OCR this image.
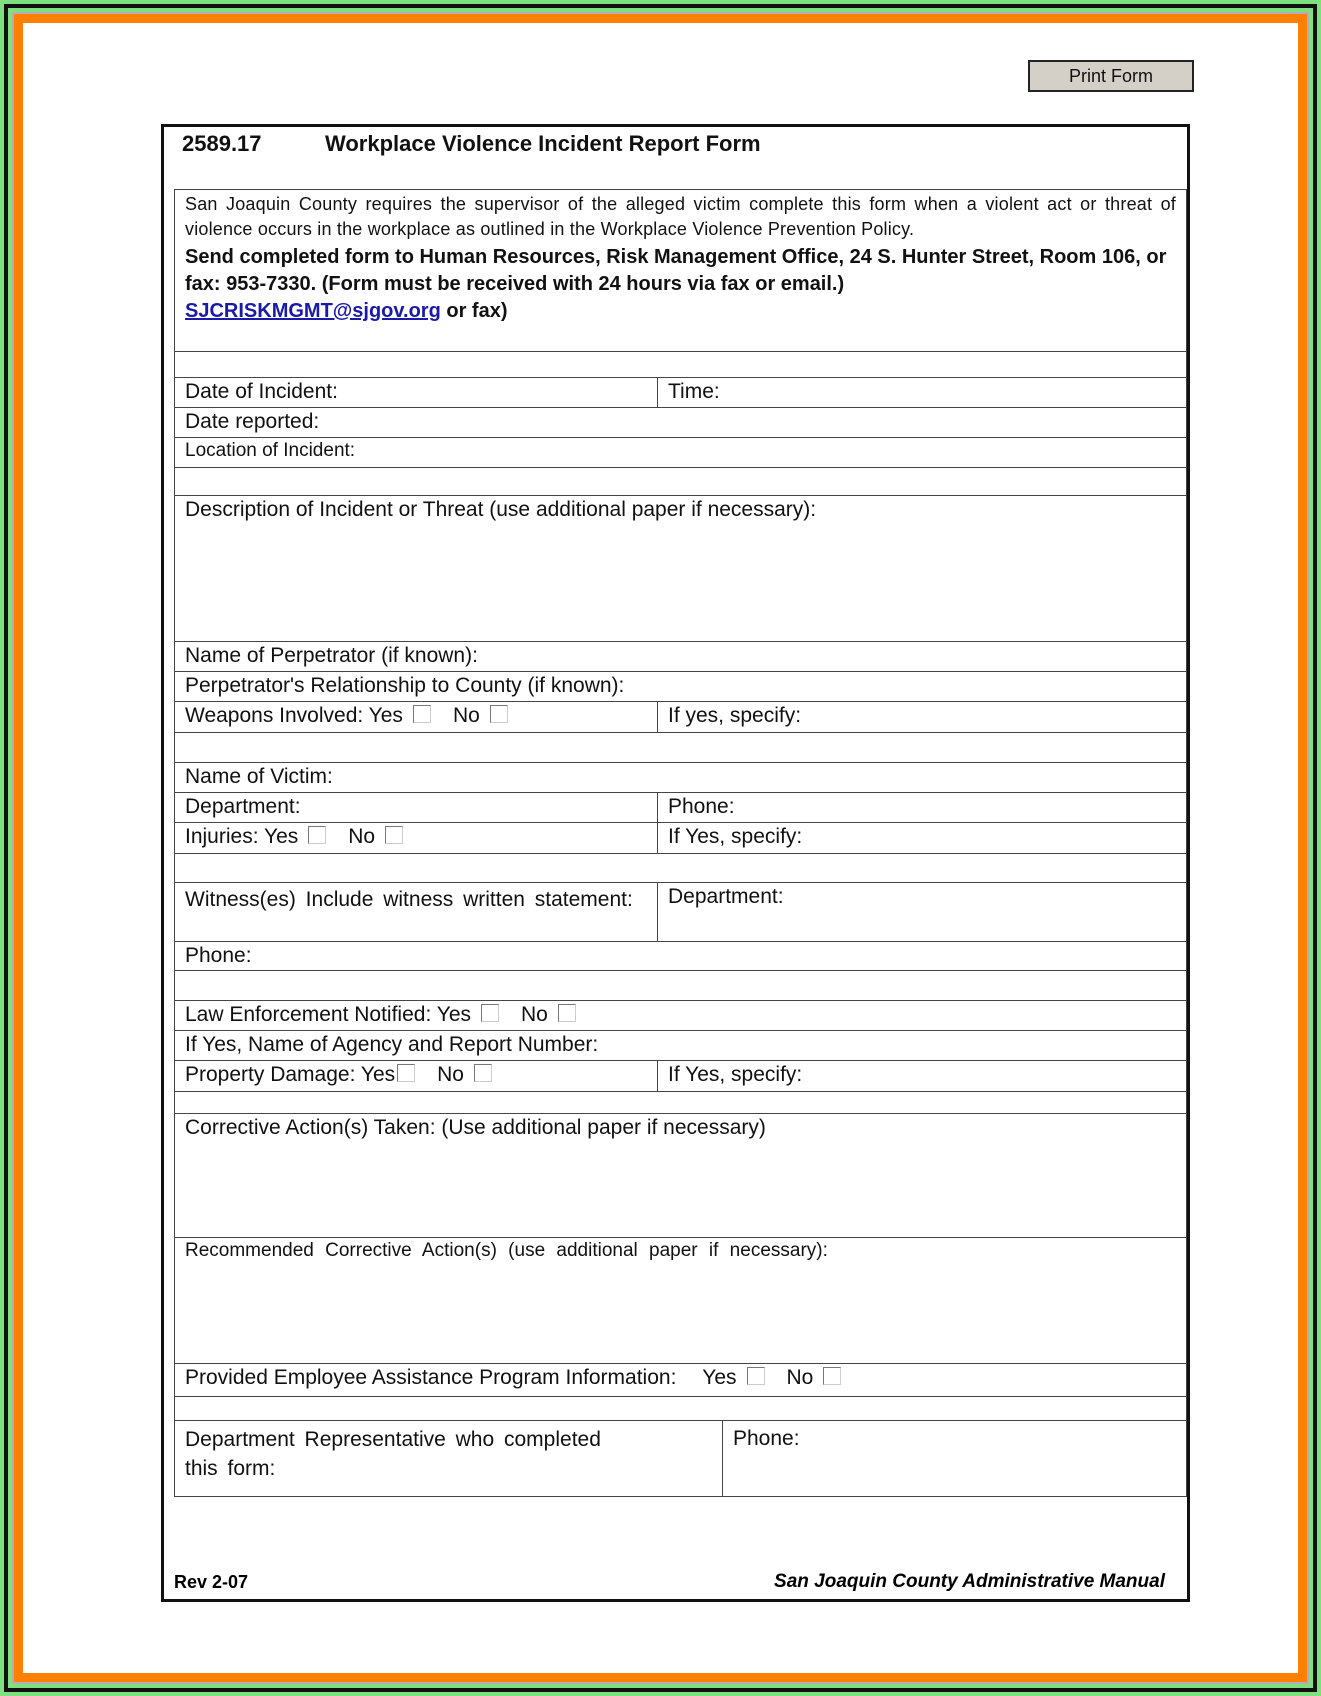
Print Form
2589.17	Workplace Violence Incident Report Form

San Joaquin County requires the supervisor of the alleged victim complete this form when a violent act or threat of violence occurs in the workplace as outlined in the Workplace Violence Prevention Policy.

Send completed form to Human Resources, Risk Management Office, 24 S. Hunter Street, Room 106, or fax: 953-7330. (Form must be received with 24 hours via fax or email.)
SJCRISKMGMT@sjgov.org or fax)

Date of Incident:	Time:
Date reported:
Location of Incident:
Description of Incident or Threat (use additional paper if necessary):
Name of Perpetrator (if known):
Perpetrator's Relationship to County (if known):
Weapons Involved: Yes No	If yes, specify:
Name of Victim:
Department:	Phone:
Injuries: Yes No	If Yes, specify:
Witness(es) Include witness written statement:	Department:
Phone:
Law Enforcement Notified: Yes No
If Yes, Name of Agency and Report Number:
Property Damage: Yes No	If Yes, specify:
Corrective Action(s) Taken: (Use additional paper if necessary)
Recommended Corrective Action(s) (use additional paper if necessary):
Provided Employee Assistance Program Information: Yes No
Department Representative who completed this form:
Phone:
Rev 2-07	San Joaquin County Administrative Manual
